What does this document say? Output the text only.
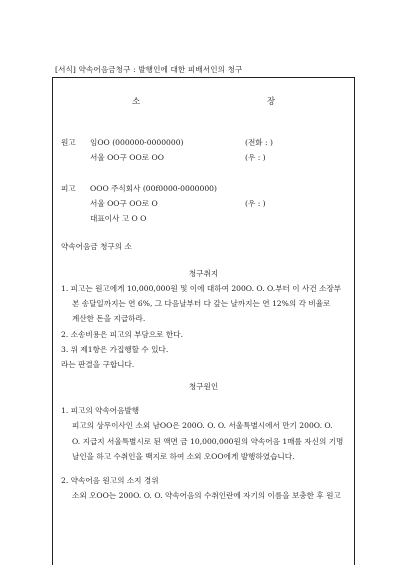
[서식] 약속어음금청구 : 발행인에 대한 피배서인의 청구
소 장
원고 임OO (000000-0000000)	(전화 : )
서울 OO구 OO로 OO	(우 : )
피고 OOO 주식회사 (00f0000-0000000)
서울 OO구 OO로 O	(우 : )
대표이사 고 O O
약속어음금 청구의 소
청구취지
1. 피고는 원고에게 10,000,000원 및 이에 대하여 200O. O. O.부터 이 사건 소장부
본 송달일까지는 연 6%, 그 다음날부터 다 갚는 날까지는 연 12%의 각 비율로
계산한 돈을 지급하라.
2. 소송비용은 피고의 부담으로 한다.
3. 위 제1항은 가집행할 수 있다.
라는 판결을 구합니다.
청구원인
1. 피고의 약속어음발행
피고의 상무이사인 소외 남OO은 200O. O. O. 서울특별시에서 만기 200O. O.
O. 지급지 서울특별시로 된 액면 금 10,000,000원의 약속어음 1매를 자신의 기명
날인을 하고 수취인을 백지로 하여 소외 오OO에게 발행하였습니다.
2. 약속어음 원고의 소지 경위
소외 오OO는 200O. O. O. 약속어음의 수취인란에 자기의 이름을 보충한 후 원고
